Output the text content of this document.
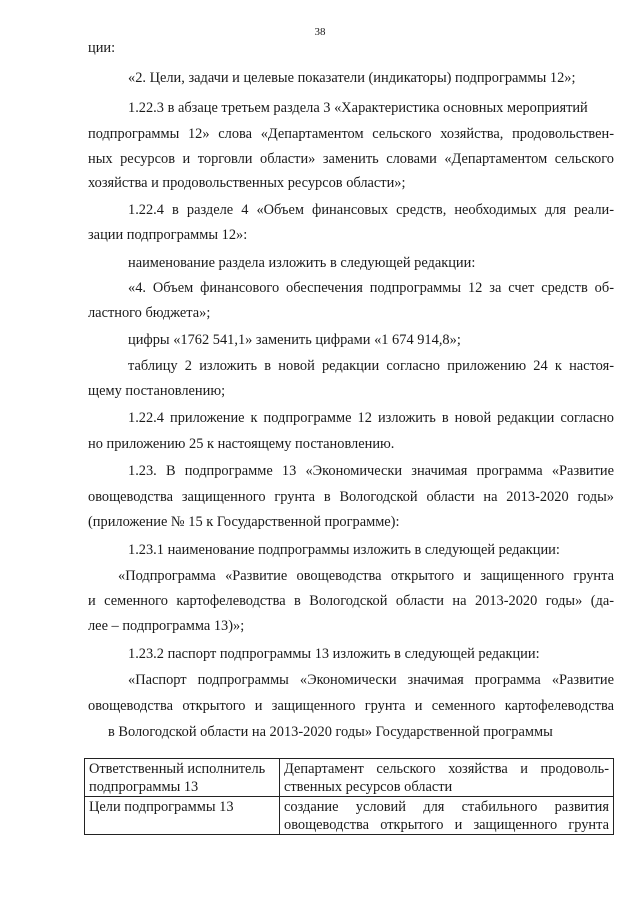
38
ции:
«2. Цели, задачи и целевые показатели (индикаторы) подпрограммы 12»;
1.22.3 в абзаце третьем раздела 3 «Характеристика основных мероприятий
подпрограммы 12» слова «Департаментом сельского хозяйства, продовольствен-
ных ресурсов и торговли области» заменить словами «Департаментом сельского
хозяйства и продовольственных ресурсов области»;
1.22.4 в разделе 4 «Объем финансовых средств, необходимых для реали-
зации подпрограммы 12»:
наименование раздела изложить в следующей редакции:
«4. Объем финансового обеспечения подпрограммы 12 за счет средств об-
ластного бюджета»;
цифры «1762 541,1» заменить цифрами «1 674 914,8»;
таблицу 2 изложить в новой редакции согласно приложению 24 к настоя-
щему постановлению;
1.22.4 приложение к подпрограмме 12 изложить в новой редакции согласно
но приложению 25 к настоящему постановлению.
1.23. В подпрограмме 13 «Экономически значимая программа «Развитие
овощеводства защищенного грунта в Вологодской области на 2013-2020 годы»
(приложение № 15 к Государственной программе):
1.23.1 наименование подпрограммы изложить в следующей редакции:
«Подпрограмма «Развитие овощеводства открытого и защищенного грунта
и семенного картофелеводства в Вологодской области на 2013-2020 годы» (да-
лее – подпрограмма 13)»;
1.23.2 паспорт подпрограммы 13 изложить в следующей редакции:
«Паспорт подпрограммы «Экономически значимая программа «Развитие
овощеводства открытого и защищенного грунта и семенного картофелеводства
в Вологодской области на 2013-2020 годы» Государственной программы
Ответственный исполнитель
подпрограммы 13	Департамент сельского хозяйства и продоволь-
ственных ресурсов области

Цели подпрограммы 13	создание условий для стабильного развития
овощеводства открытого и защищенного грунта
